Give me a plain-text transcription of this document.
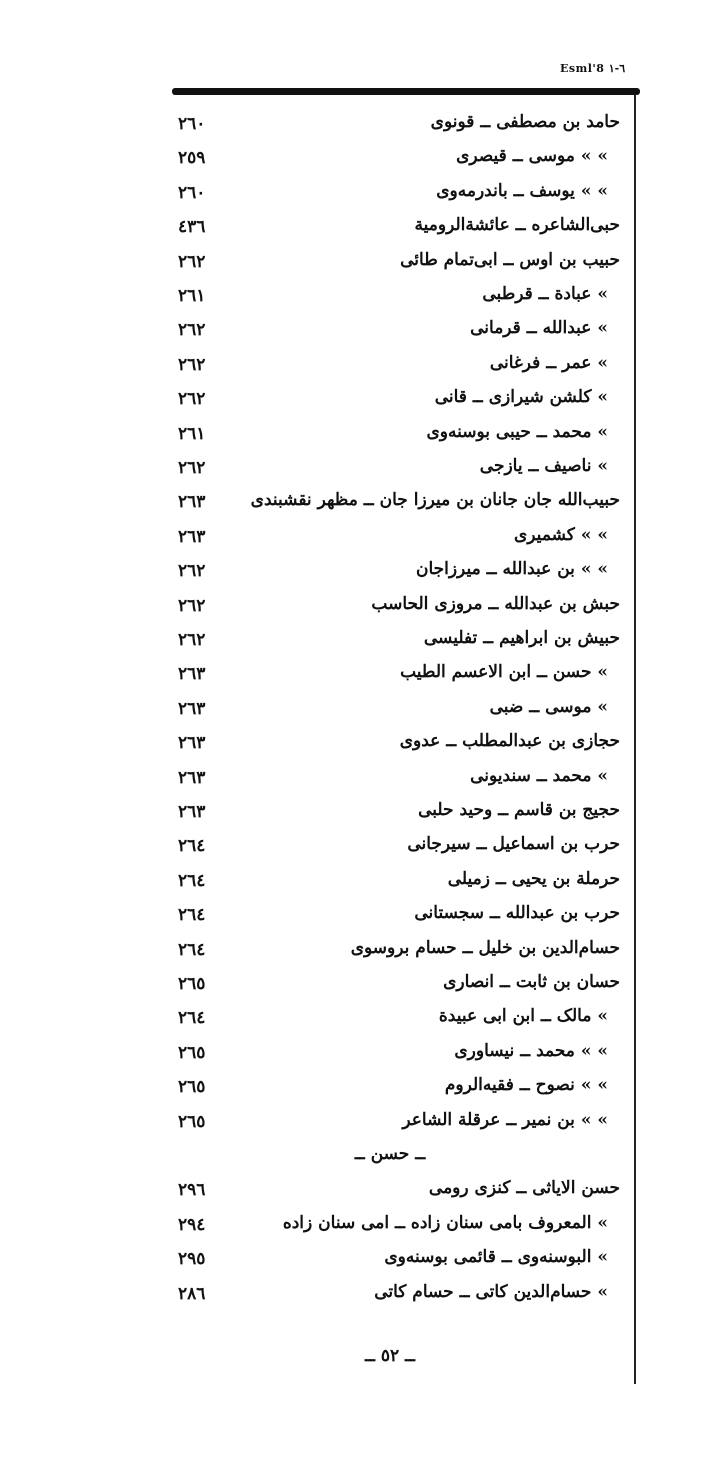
Esml'8 ٦-١
حامد بن مصطفی ــ قونوی
٢٦٠
» » موسی ــ قیصری
٢٥٩
» » یوسف ــ باندرمه‌وی
٢٦٠
حبی‌الشاعره ــ عائشة‌الرومية
٤٣٦
حبیب بن اوس ــ ابی‌تمام طائی
٢٦٢
» عبادة ــ قرطبی
٢٦١
» عبدالله ــ قرمانی
٢٦٢
» عمر ــ فرغانی
٢٦٢
» کلشن شیرازی ــ قانی
٢٦٢
» محمد ــ حیبی بوسنه‌وی
٢٦١
» ناصیف ــ یازجی
٢٦٢
حبیب‌الله جان جانان بن میرزا جان ــ مظهر نقشبندی
٢٦٣
» » کشمیری
٢٦٣
» » بن عبدالله ــ میرزاجان
٢٦٢
حبش بن عبدالله ــ مروزی الحاسب
٢٦٢
حبیش بن ابراهیم ــ تفلیسی
٢٦٢
» حسن ــ ابن الاعسم الطیب
٢٦٣
» موسی ــ ضبی
٢٦٣
حجازی بن عبدالمطلب ــ عدوی
٢٦٣
» محمد ــ سندیونی
٢٦٣
حجیج بن قاسم ــ وحید حلبی
٢٦٣
حرب بن اسماعیل ــ سیرجانی
٢٦٤
حرملة بن یحیی ــ زمیلی
٢٦٤
حرب بن عبدالله ــ سجستانی
٢٦٤
حسام‌الدین بن خلیل ــ حسام بروسوی
٢٦٤
حسان بن ثابت ــ انصاری
٢٦٥
» مالک ــ ابن ابی عبیدة
٢٦٤
» » محمد ــ نیساوری
٢٦٥
» » نصوح ــ فقیه‌الروم
٢٦٥
» » بن نمیر ــ عرقلة الشاعر
٢٦٥
ــ حسن ــ
حسن الایاثی ــ کنزی رومی
٢٩٦
» المعروف بامی سنان زاده ــ امی سنان زاده
٢٩٤
» البوسنه‌وی ــ قائمی بوسنه‌وی
٢٩٥
» حسام‌الدین کاتی ــ حسام کاتی
٢٨٦
ــ ٥٢ ــ
